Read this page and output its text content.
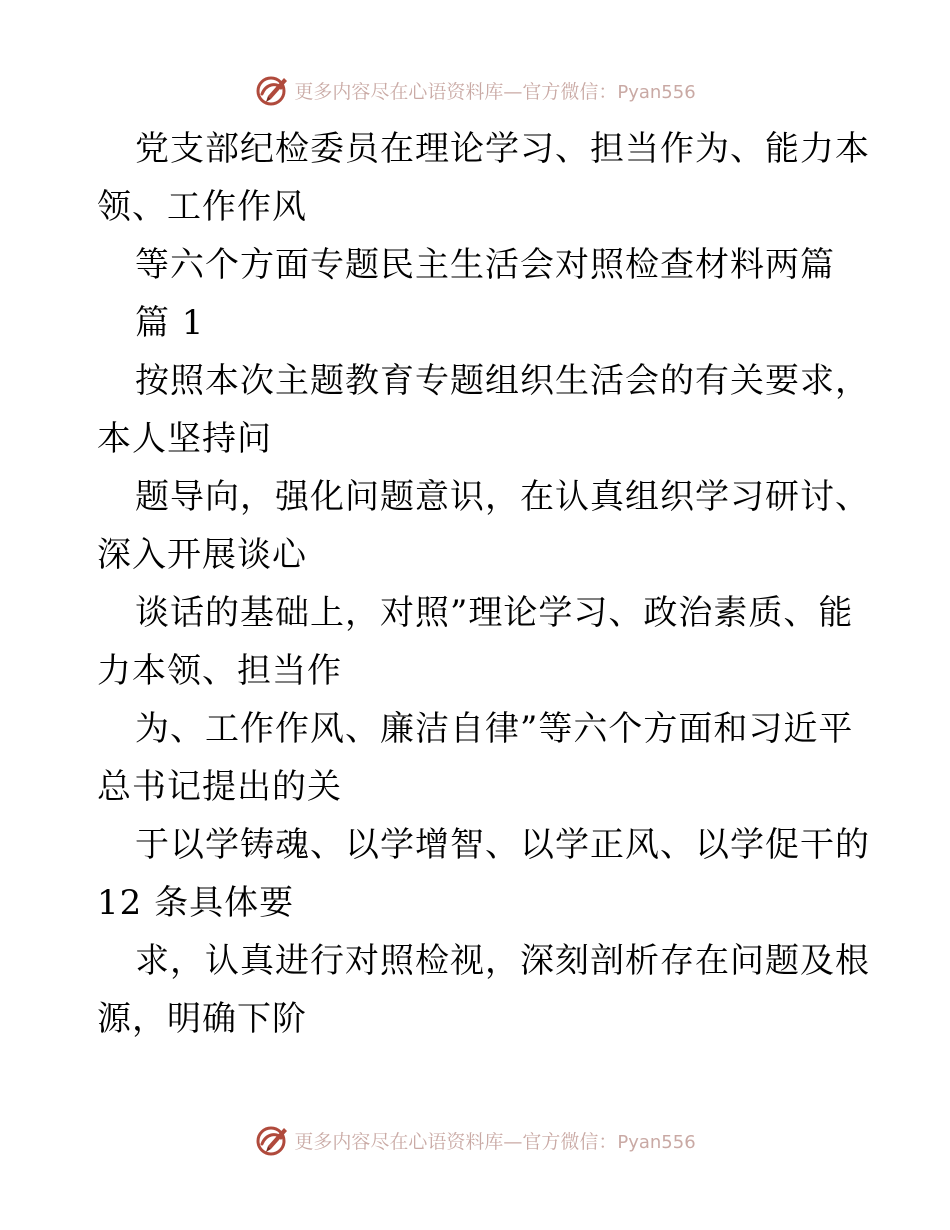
更多内容尽在心语资料库—官方微信：Pyan556
党支部纪检委员在理论学习、担当作为、能力本
领、工作作风
等六个方面专题民主生活会对照检查材料两篇
篇 1
按照本次主题教育专题组织生活会的有关要求，
本人坚持问
题导向，强化问题意识，在认真组织学习研讨、
深入开展谈心
谈话的基础上，对照”理论学习、政治素质、能
力本领、担当作
为、工作作风、廉洁自律”等六个方面和习近平
总书记提出的关
于以学铸魂、以学增智、以学正风、以学促干的
12 条具体要
求，认真进行对照检视，深刻剖析存在问题及根
源，明确下阶
更多内容尽在心语资料库—官方微信：Pyan556
